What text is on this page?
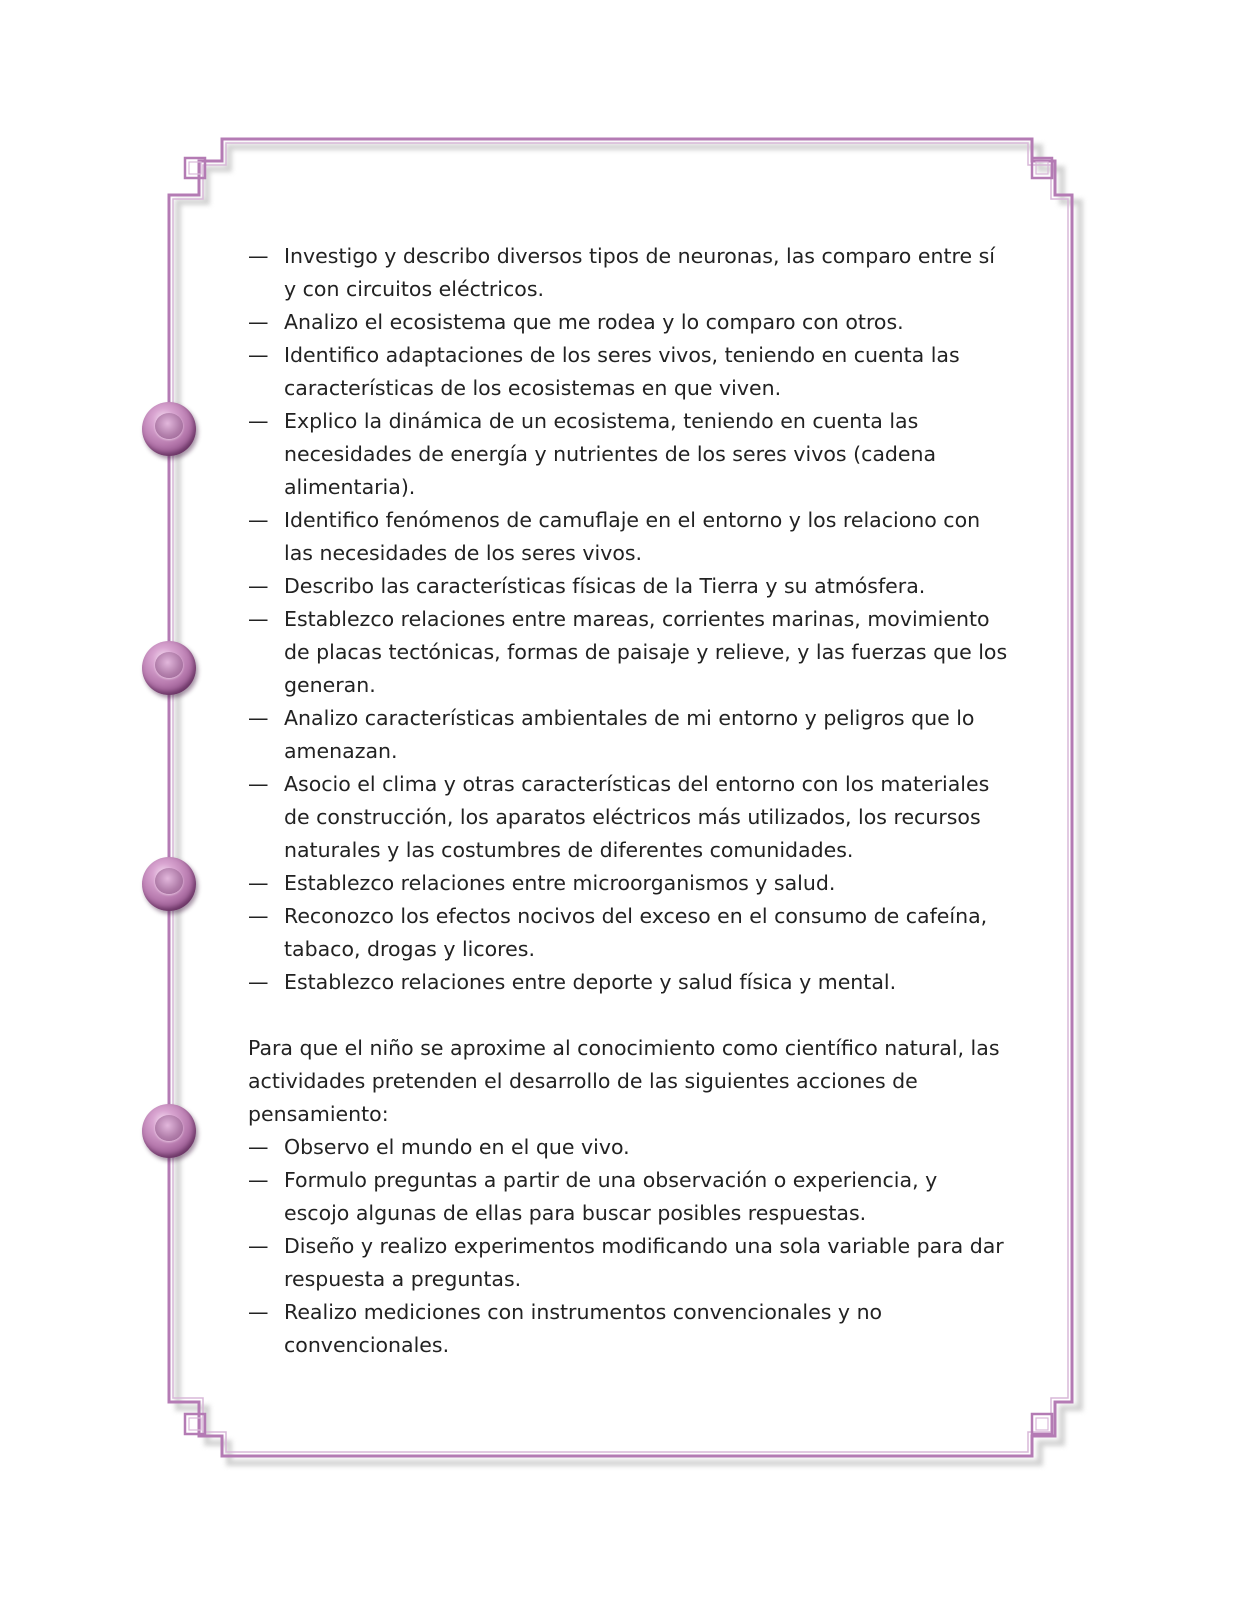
— Investigo y describo diversos tipos de neuronas, las comparo entre sí y con circuitos eléctricos.
— Analizo el ecosistema que me rodea y lo comparo con otros.
— Identifico adaptaciones de los seres vivos, teniendo en cuenta las características de los ecosistemas en que viven.
— Explico la dinámica de un ecosistema, teniendo en cuenta las necesidades de energía y nutrientes de los seres vivos (cadena alimentaria).
— Identifico fenómenos de camuflaje en el entorno y los relaciono con las necesidades de los seres vivos.
— Describo las características físicas de la Tierra y su atmósfera.
— Establezco relaciones entre mareas, corrientes marinas, movimiento de placas tectónicas, formas de paisaje y relieve, y las fuerzas que los generan.
— Analizo características ambientales de mi entorno y peligros que lo amenazan.
— Asocio el clima y otras características del entorno con los materiales de construcción, los aparatos eléctricos más utilizados, los recursos naturales y las costumbres de diferentes comunidades.
— Establezco relaciones entre microorganismos y salud.
— Reconozco los efectos nocivos del exceso en el consumo de cafeína, tabaco, drogas y licores.
— Establezco relaciones entre deporte y salud física y mental.

Para que el niño se aproxime al conocimiento como científico natural, las actividades pretenden el desarrollo de las siguientes acciones de pensamiento:

— Observo el mundo en el que vivo.
— Formulo preguntas a partir de una observación o experiencia, y escojo algunas de ellas para buscar posibles respuestas.
— Diseño y realizo experimentos modificando una sola variable para dar respuesta a preguntas.
— Realizo mediciones con instrumentos convencionales y no convencionales.
